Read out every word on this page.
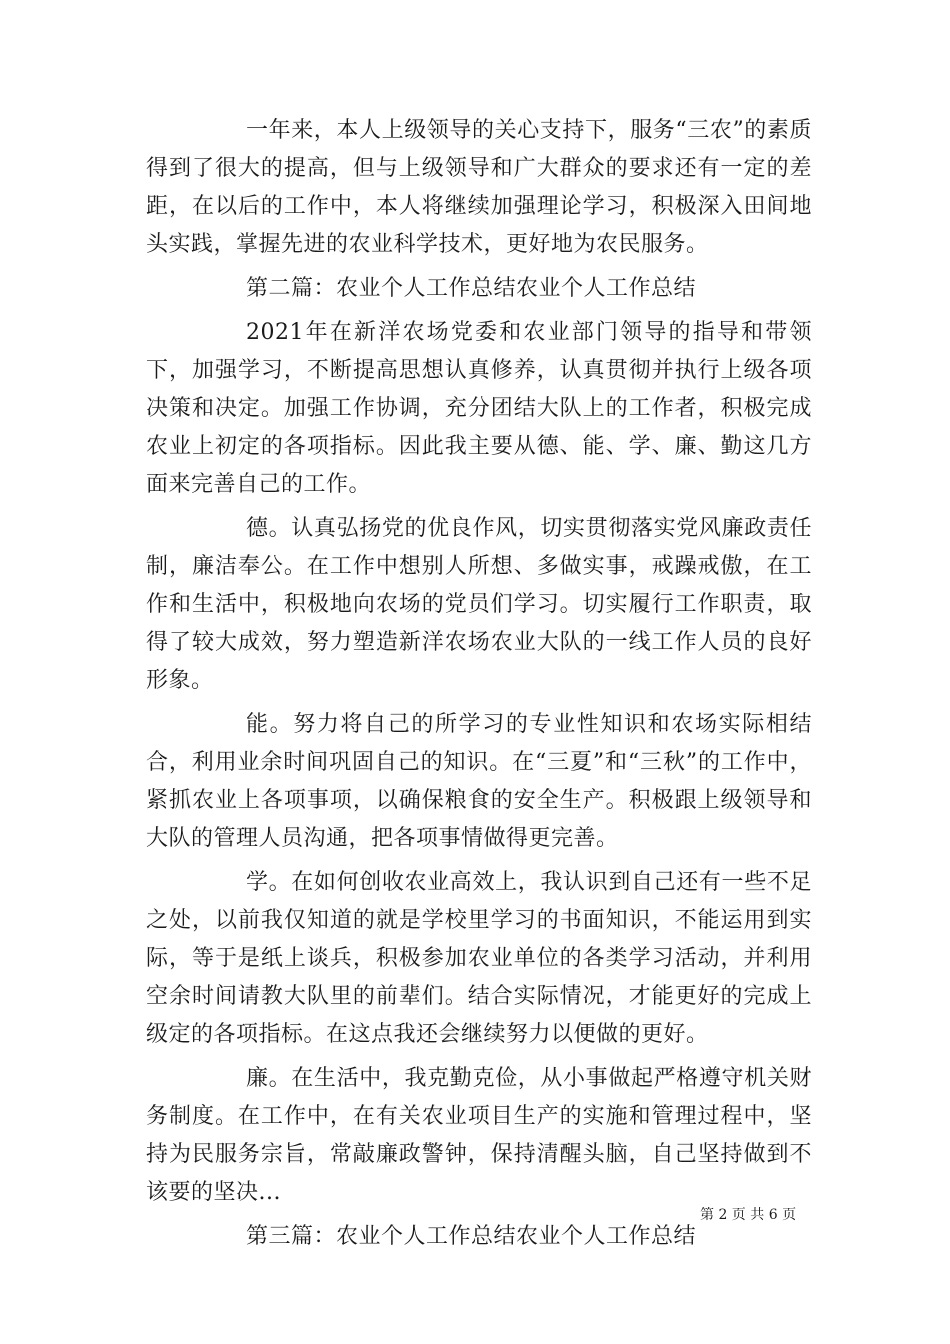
一年来，本人上级领导的关心支持下，服务“三农”的素质得到了很大的提高，但与上级领导和广大群众的要求还有一定的差距，在以后的工作中，本人将继续加强理论学习，积极深入田间地头实践，掌握先进的农业科学技术，更好地为农民服务。

第二篇：农业个人工作总结农业个人工作总结

2021年在新洋农场党委和农业部门领导的指导和带领下，加强学习，不断提高思想认真修养，认真贯彻并执行上级各项决策和决定。加强工作协调，充分团结大队上的工作者，积极完成农业上初定的各项指标。因此我主要从德、能、学、廉、勤这几方面来完善自己的工作。

德。认真弘扬党的优良作风，切实贯彻落实党风廉政责任制，廉洁奉公。在工作中想别人所想、多做实事，戒躁戒傲，在工作和生活中，积极地向农场的党员们学习。切实履行工作职责，取得了较大成效，努力塑造新洋农场农业大队的一线工作人员的良好形象。

能。努力将自己的所学习的专业性知识和农场实际相结合，利用业余时间巩固自己的知识。在“三夏”和“三秋”的工作中，紧抓农业上各项事项，以确保粮食的安全生产。积极跟上级领导和大队的管理人员沟通，把各项事情做得更完善。

学。在如何创收农业高效上，我认识到自己还有一些不足之处，以前我仅知道的就是学校里学习的书面知识，不能运用到实际，等于是纸上谈兵，积极参加农业单位的各类学习活动，并利用空余时间请教大队里的前辈们。结合实际情况，才能更好的完成上级定的各项指标。在这点我还会继续努力以便做的更好。

廉。在生活中，我克勤克俭，从小事做起严格遵守机关财务制度。在工作中，在有关农业项目生产的实施和管理过程中，坚持为民服务宗旨，常敲廉政警钟，保持清醒头脑，自己坚持做到不该要的坚决...

第三篇：农业个人工作总结农业个人工作总结

第 2 页 共 6 页
